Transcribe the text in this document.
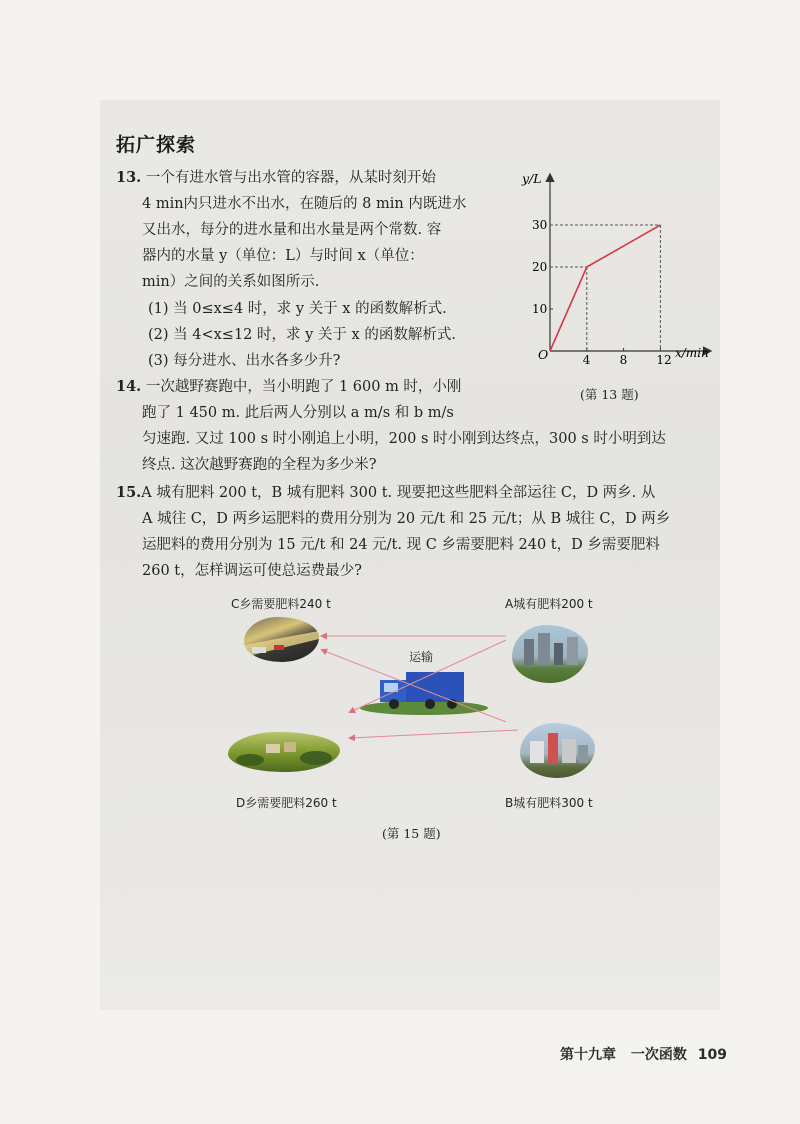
拓广探索
13. 一个有进水管与出水管的容器，从某时刻开始
4 min内只进水不出水，在随后的 8 min 内既进水
又出水，每分的进水量和出水量是两个常数. 容
器内的水量 y（单位：L）与时间 x（单位：
min）之间的关系如图所示.
(1) 当 0≤x≤4 时，求 y 关于 x 的函数解析式.
(2) 当 4<x≤12 时，求 y 关于 x 的函数解析式.
(3) 每分进水、出水各多少升?
y/L
x/min
O	4 8 12
10
20
30
(第 13 题)
14. 一次越野赛跑中，当小明跑了 1 600 m 时，小刚
跑了 1 450 m. 此后两人分别以 a m/s 和 b m/s
匀速跑. 又过 100 s 时小刚追上小明，200 s 时小刚到达终点，300 s 时小明到达
终点. 这次越野赛跑的全程为多少米?
15.A 城有肥料 200 t，B 城有肥料 300 t. 现要把这些肥料全部运往 C，D 两乡. 从
A 城往 C，D 两乡运肥料的费用分别为 20 元/t 和 25 元/t；从 B 城往 C，D 两乡
运肥料的费用分别为 15 元/t 和 24 元/t. 现 C 乡需要肥料 240 t，D 乡需要肥料
260 t，怎样调运可使总运费最少?
C乡需要肥料240 t	A城有肥料200 t
D乡需要肥料260 t	B城有肥料300 t
运输
(第 15 题)
第十九章 一次函数 109
